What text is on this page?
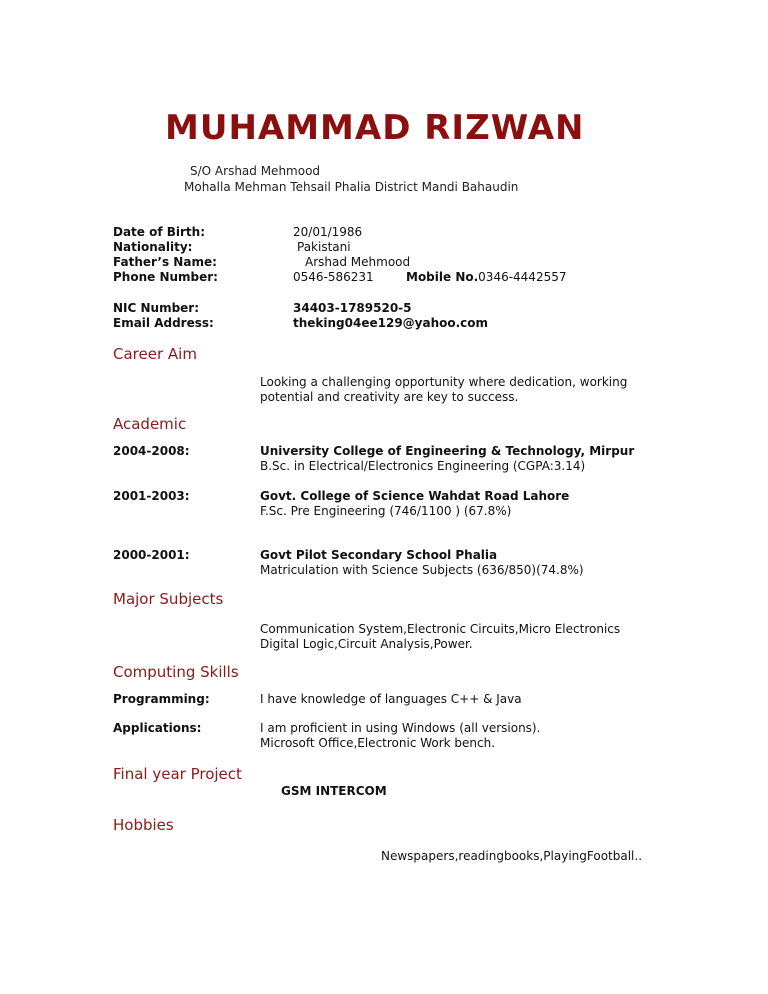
MUHAMMAD RIZWAN
S/O Arshad Mehmood
Mohalla Mehman Tehsail Phalia District Mandi Bahaudin
Date of Birth:	20/01/1986
Nationality:	Pakistani
Father’s Name:	Arshad Mehmood
Phone Number:	0546-586231	Mobile No.0346-4442557
NIC Number:	34403-1789520-5
Email Address:	theking04ee129@yahoo.com
Career Aim
Looking a challenging opportunity where dedication, working
potential and creativity are key to success.
Academic
2004-2008:	University College of Engineering & Technology, Mirpur
B.Sc. in Electrical/Electronics Engineering (CGPA:3.14)
2001-2003:	Govt. College of Science Wahdat Road Lahore
F.Sc. Pre Engineering (746/1100 ) (67.8%)
2000-2001:	Govt Pilot Secondary School Phalia
Matriculation with Science Subjects (636/850)(74.8%)
Major Subjects
Communication System,Electronic Circuits,Micro Electronics
Digital Logic,Circuit Analysis,Power.
Computing Skills
Programming:	I have knowledge of languages C++ & Java
Applications:	I am proficient in using Windows (all versions).
Microsoft Office,Electronic Work bench.
Final year Project
GSM INTERCOM
Hobbies
Newspapers,readingbooks,PlayingFootball..
